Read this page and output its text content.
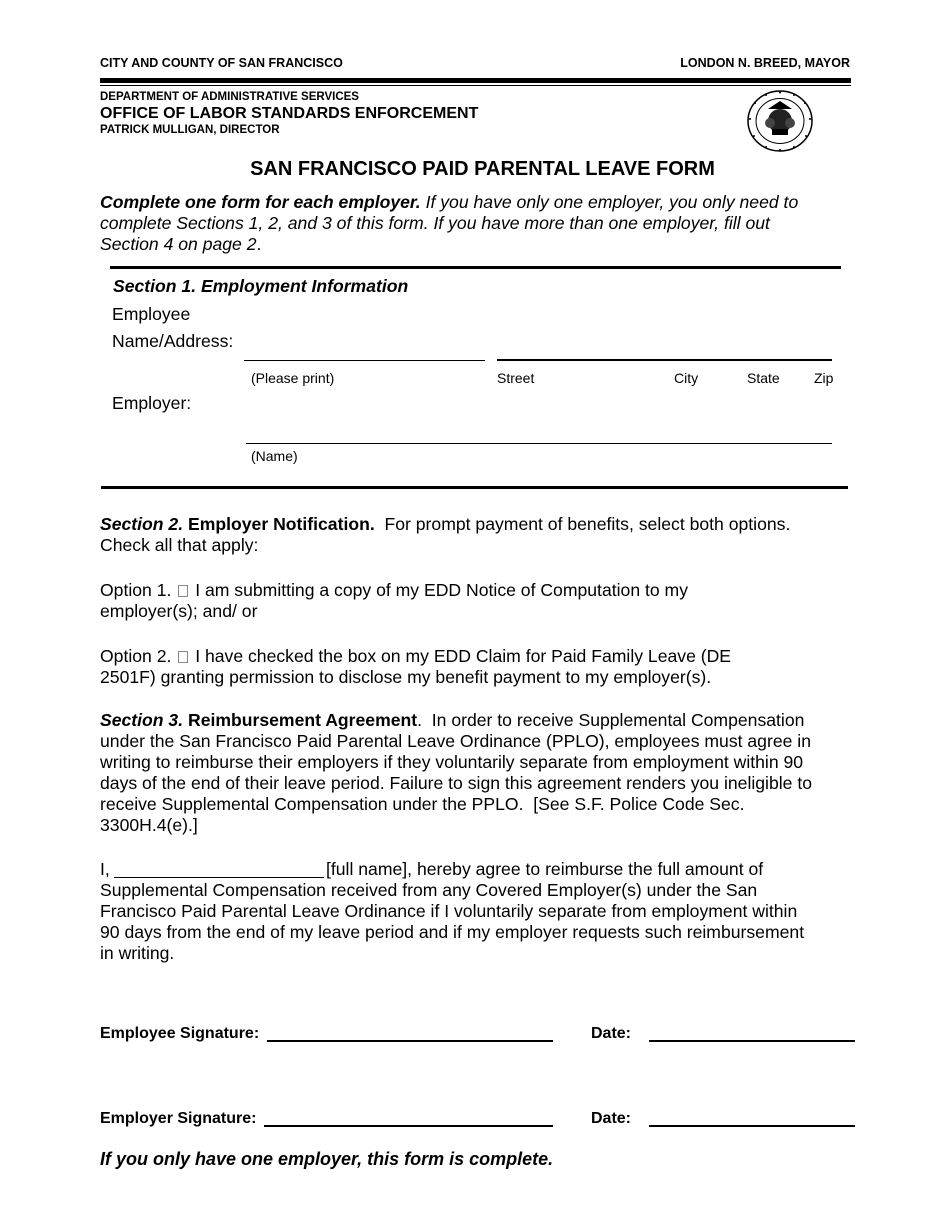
CITY AND COUNTY OF SAN FRANCISCO	LONDON N. BREED, MAYOR
DEPARTMENT OF ADMINISTRATIVE SERVICES
OFFICE OF LABOR STANDARDS ENFORCEMENT
PATRICK MULLIGAN, DIRECTOR
SAN FRANCISCO PAID PARENTAL LEAVE FORM
Complete one form for each employer. If you have only one employer, you only need to
complete Sections 1, 2, and 3 of this form. If you have more than one employer, fill out
Section 4 on page 2.
Section 1. Employment Information
Employee
Name/Address:
(Please print)	Street	City	State Zip
Employer:
(Name)
Section 2. Employer Notification.  For prompt payment of benefits, select both options.
Check all that apply:
Option 1. I am submitting a copy of my EDD Notice of Computation to my
employer(s); and/ or
Option 2. I have checked the box on my EDD Claim for Paid Family Leave (DE
2501F) granting permission to disclose my benefit payment to my employer(s).
Section 3. Reimbursement Agreement.  In order to receive Supplemental Compensation
under the San Francisco Paid Parental Leave Ordinance (PPLO), employees must agree in
writing to reimburse their employers if they voluntarily separate from employment within 90
days of the end of their leave period. Failure to sign this agreement renders you ineligible to
receive Supplemental Compensation under the PPLO.  [See S.F. Police Code Sec.
3300H.4(e).]
I,	[full name], hereby agree to reimburse the full amount of
Supplemental Compensation received from any Covered Employer(s) under the San
Francisco Paid Parental Leave Ordinance if I voluntarily separate from employment within
90 days from the end of my leave period and if my employer requests such reimbursement
in writing.
Employee Signature:	Date:
Employer Signature:	Date:
If you only have one employer, this form is complete.
